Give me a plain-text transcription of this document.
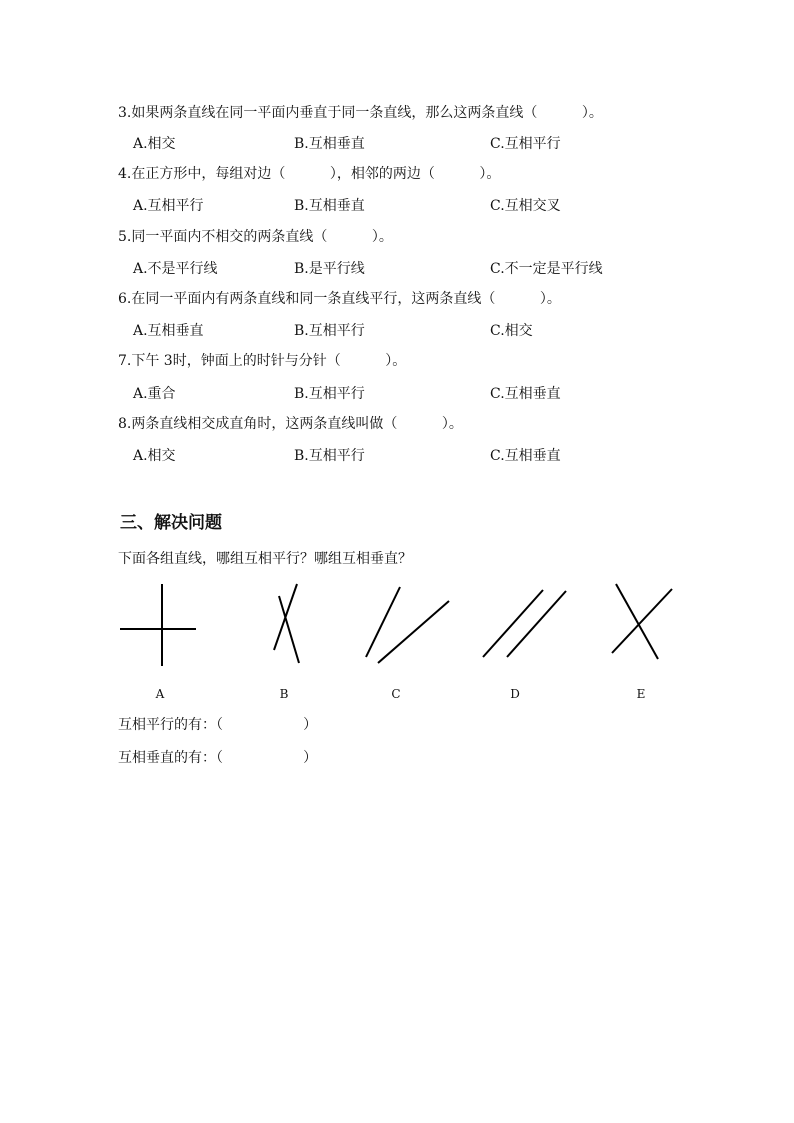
3.如果两条直线在同一平面内垂直于同一条直线，那么这两条直线（          ）。
A.相交	B.互相垂直	C.互相平行
4.在正方形中，每组对边（          ），相邻的两边（          ）。
A.互相平行	B.互相垂直	C.互相交叉
5.同一平面内不相交的两条直线（          ）。
A.不是平行线	B.是平行线	C.不一定是平行线
6.在同一平面内有两条直线和同一条直线平行，这两条直线（          ）。
A.互相垂直	B.互相平行	C.相交
7.下午 3时，钟面上的时针与分针（          ）。
A.重合	B.互相平行	C.互相垂直
8.两条直线相交成直角时，这两条直线叫做（          ）。
A.相交	B.互相平行	C.互相垂直
三、解决问题
下面各组直线，哪组互相平行？哪组互相垂直？
A	B	C	D	E
互相平行的有：（                  ）
互相垂直的有：（                  ）
